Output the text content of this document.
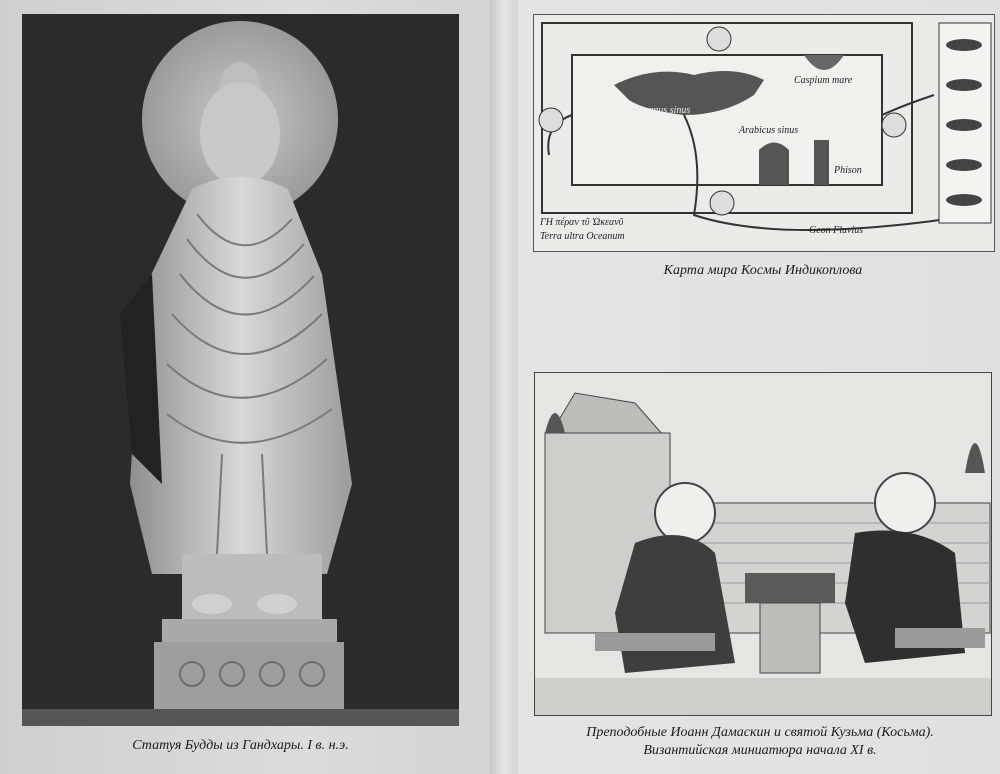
Статуя Будды из Гандхары. I в. н.э.
ΓΗ πέραν τῦ Ὠκεανῦ
Terra ultra Oceanum
Romanus sinus
Arabicus sinus
Caspium mare
Phison
Geon Fluvius
Карта мира Космы Индикоплова
Преподобные Иоанн Дамаскин и святой Кузьма (Косьма).
Византийская миниатюра начала XI в.
